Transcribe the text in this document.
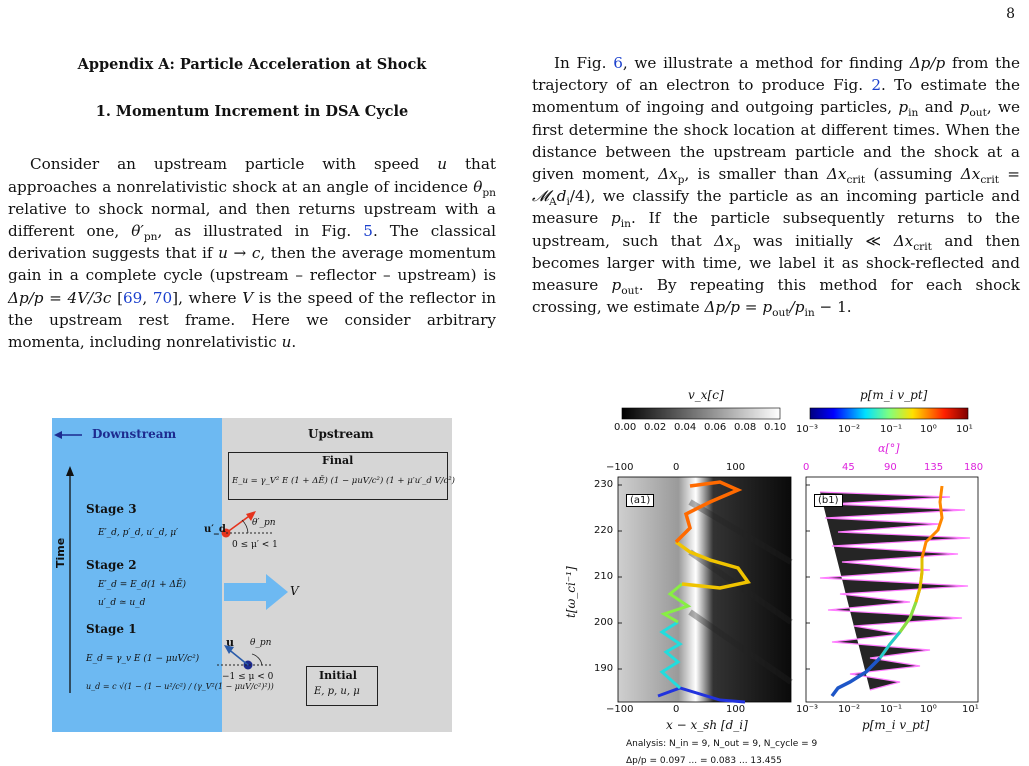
8
Appendix A: Particle Acceleration at Shock
1. Momentum Increment in DSA Cycle

Consider an upstream particle with speed u that approaches a nonrelativistic shock at an angle of incidence $\theta_{pn}$ relative to shock normal, and then returns upstream with a different one, $\theta'_{pn}$, as illustrated in Fig. 5. The classical derivation suggests that if u → c, then the average momentum gain in a complete cycle (upstream – reflector – upstream) is Δp/p = 4V/3c [69, 70], where V is the speed of the reflector in the upstream rest frame. Here we consider arbitrary momenta, including nonrelativistic u.

In Fig. 6, we illustrate a method for finding Δp/p from the trajectory of an electron to produce Fig. 2. To estimate the momentum of ingoing and outgoing particles, $p_{in}$ and $p_{out}$, we first determine the shock location at different times. When the distance between the upstream particle and the shock at a given moment, $\Delta x_p$, is smaller than $\Delta x_{crit}$ (assuming $\Delta x_{crit}$ = $𝓜_Ad_i/4$), we classify the particle as an incoming particle and measure $p_{in}$. If the particle subsequently returns to the upstream, such that $\Delta x_p$ was initially ≪ $\Delta x_{crit}$ and then becomes larger with time, we label it as shock-reflected and measure $p_{out}$. By repeating this method for each shock crossing, we estimate $\Delta p/p = p_{out}/p_{in} - 1$.

Downstream	Upstream
Time
Final
E_u = γ_V² E (1 + ΔĒ) (1 − μuV/c²) (1 + μ′u′_d V/c²)
Stage 3
E′_d, p′_d, u′_d, μ′
Stage 2
E′_d = E_d(1 + ΔĒ)
u′_d ≃ u_d
Stage 1
E_d = γ_v E (1 − μuV/c²)
u_d = c √(1 − (1 − u²/c²) / (γ_V²(1 − μuV/c²)²))
u′_d
θ′_pn
0 ≤ μ′ < 1
V
u θ_pn
−1 ≤ μ < 0	Initial
E, p, u, μ
v_x[c]	p[m_i v_pt]
0.00 0.02 0.04 0.06 0.08 0.10 10⁻³ 10⁻² 10⁻¹ 10⁰ 10¹
α[°]
0	45	90	135 180
−100	0	100
(a1)	(b1)
230
220
210
200
190
t[ω_ci⁻¹]
−100	0	100
x − x_sh [d_i]
10⁻³ 10⁻² 10⁻¹ 10⁰	10¹
p[m_i v_pt]
Analysis: N_in = 9, N_out = 9, N_cycle = 9
Δp/p = 0.097 ... = 0.083 ... 13.455
